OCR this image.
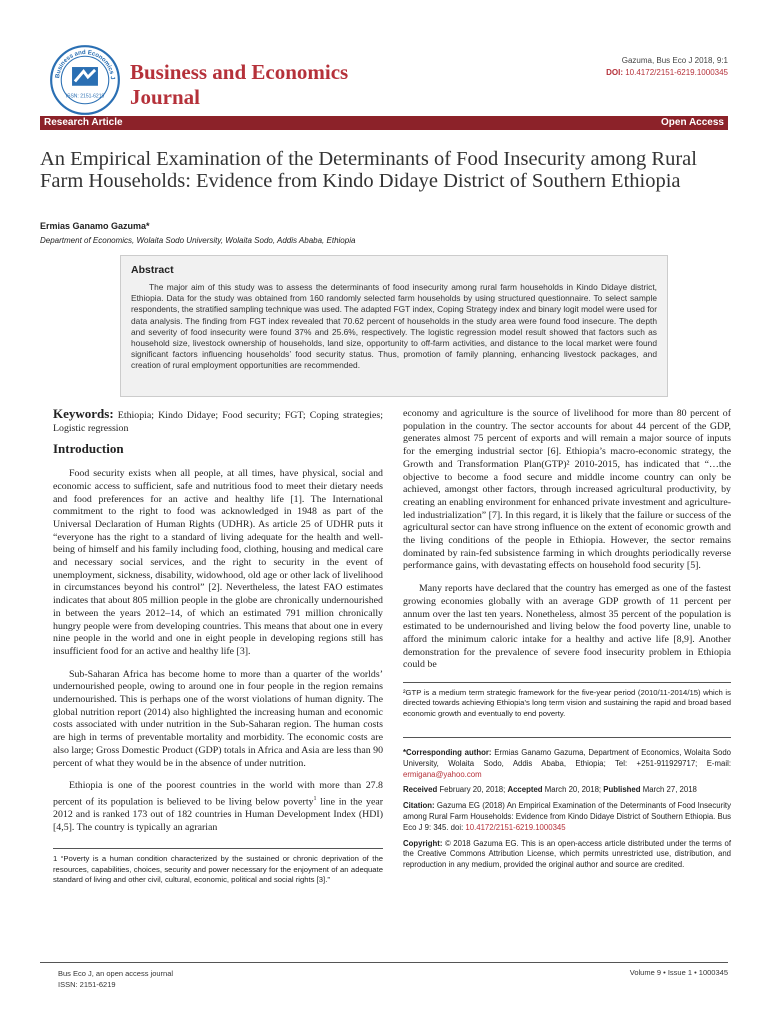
Business and Economics J
ISSN: 2151-6219
Business and Economics Journal
Gazuma, Bus Eco J 2018, 9:1
DOI: 10.4172/2151-6219.1000345
Research Article	Open Access
An Empirical Examination of the Determinants of Food Insecurity among Rural Farm Households: Evidence from Kindo Didaye District of Southern Ethiopia
Ermias Ganamo Gazuma*
Department of Economics, Wolaita Sodo University, Wolaita Sodo, Addis Ababa, Ethiopia
Abstract

The major aim of this study was to assess the determinants of food insecurity among rural farm households in Kindo Didaye district, Ethiopia. Data for the study was obtained from 160 randomly selected farm households by using structured questionnaire. To select sample respondents, the stratified sampling technique was used. The adapted FGT index, Coping Strategy index and binary logit model were used for data analysis. The finding from FGT index revealed that 70.62 percent of households in the study area were found food insecure. The depth and severity of food insecurity were found 37% and 25.6%, respectively. The logistic regression model result showed that factors such as household size, livestock ownership of households, land size, opportunity to off-farm activities, and distance to the local market were found significant factors influencing households’ food security status. Thus, promotion of family planning, enhancing livestock packages, and creation of rural employment opportunities are recommended.

Keywords: Ethiopia; Kindo Didaye; Food security; FGT; Coping strategies; Logistic regression

Introduction

Food security exists when all people, at all times, have physical, social and economic access to sufficient, safe and nutritious food to meet their dietary needs and food preferences for an active and healthy life [1]. The International commitment to the right to food was acknowledged in 1948 as part of the Universal Declaration of Human Rights (UDHR). As article 25 of UDHR puts it “everyone has the right to a standard of living adequate for the health and well-being of himself and his family including food, clothing, housing and medical care and necessary social services, and the right to security in the event of unemployment, sickness, disability, widowhood, old age or other lack of livelihood in circumstances beyond his control” [2]. Nevertheless, the latest FAO estimates indicates that about 805 million people in the globe are chronically undernourished in between the years 2012–14, of which an estimated 791 million chronically hungry people were from developing countries. This means that about one in every nine people in the world and one in eight people in developing regions still has insufficient food for an active and healthy life [3].

Sub-Saharan Africa has become home to more than a quarter of the worlds’ undernourished people, owing to around one in four people in the region remains undernourished. This is perhaps one of the worst violations of human dignity. The global nutrition report (2014) also highlighted the increasing human and economic costs associated with under nutrition in the Sub-Saharan region. The human costs are high in terms of preventable mortality and morbidity. The economic costs are also large; Gross Domestic Product (GDP) totals in Africa and Asia are less than 90 percent of what they would be in the absence of under nutrition.

Ethiopia is one of the poorest countries in the world with more than 27.8 percent of its population is believed to be living below poverty$^1$ line in the year 2012 and is ranked 173 out of 182 countries in Human Development Index (HDI) [4,5]. The country is typically an agrarian

1 “Poverty is a human condition characterized by the sustained or chronic deprivation of the resources, capabilities, choices, security and power necessary for the enjoyment of an adequate standard of living and other civil, cultural, economic, political and social rights [3].”

economy and agriculture is the source of livelihood for more than 80 percent of population in the country. The sector accounts for about 44 percent of the GDP, generates almost 75 percent of exports and will remain a major source of inputs for the emerging industrial sector [6]. Ethiopia’s macro-economic strategy, the Growth and Transformation Plan(GTP)² 2010-2015, has indicated that “…the objective to become a food secure and middle income country can only be achieved, amongst other factors, through increased agricultural productivity, by creating an enabling environment for enhanced private investment and agriculture-led industrialization” [7]. In this regard, it is likely that the failure or success of the agricultural sector can have strong influence on the extent of economic growth and the living conditions of the people in Ethiopia. However, the sector remains dominated by rain-fed subsistence farming in which droughts periodically reverse performance gains, with devastating effects on household food security [5].

Many reports have declared that the country has emerged as one of the fastest growing economies globally with an average GDP growth of 11 percent per annum over the last ten years. Nonetheless, almost 35 percent of the population is estimated to be undernourished and living below the food poverty line, unable to afford the minimum caloric intake for a healthy and active life [8,9]. Another demonstration for the prevalence of severe food insecurity problem in Ethiopia could be

²GTP is a medium term strategic framework for the five-year period (2010/11-2014/15) which is directed towards achieving Ethiopia’s long term vision and sustaining the rapid and broad based economic growth and eventually to end poverty.
*Corresponding author: Ermias Ganamo Gazuma, Department of Economics, Wolaita Sodo University, Wolaita Sodo, Addis Ababa, Ethiopia; Tel: +251-911929717; E-mail: ermigana@yahoo.com
Received February 20, 2018; Accepted March 20, 2018; Published March 27, 2018
Citation: Gazuma EG (2018) An Empirical Examination of the Determinants of Food Insecurity among Rural Farm Households: Evidence from Kindo Didaye District of Southern Ethiopia. Bus Eco J 9: 345. doi: 10.4172/2151-6219.1000345
Copyright: © 2018 Gazuma EG. This is an open-access article distributed under the terms of the Creative Commons Attribution License, which permits unrestricted use, distribution, and reproduction in any medium, provided the original author and source are credited.
Bus Eco J, an open access journal
ISSN: 2151-6219
Volume 9 • Issue 1 • 1000345
